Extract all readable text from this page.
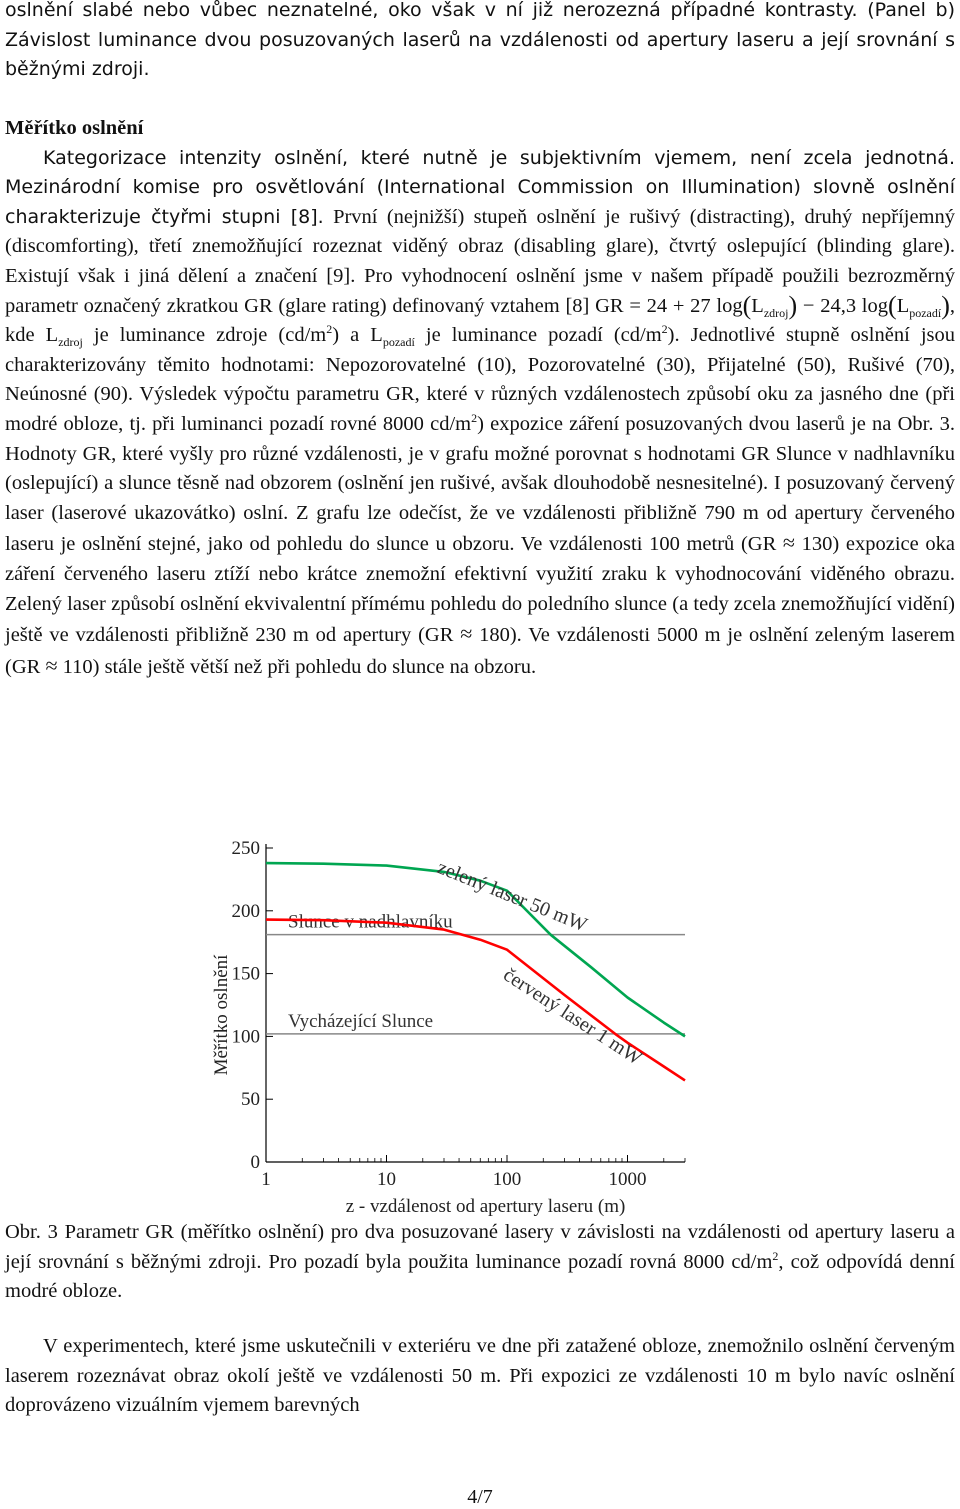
oslnění slabé nebo vůbec neznatelné, oko však v ní již nerozezná případné kontrasty. (Panel b) Závislost luminance dvou posuzovaných laserů na vzdálenosti od apertury laseru a její srovnání s běžnými zdroji.

Měřítko oslnění
Kategorizace intenzity oslnění, které nutně je subjektivním vjemem, není zcela jednotná. Mezinárodní komise pro osvětlování (International Commission on Illumination) slovně oslnění charakterizuje čtyřmi stupni [8]. První (nejnižší) stupeň oslnění je rušivý (distracting), druhý nepříjemný (discomforting), třetí znemožňující rozeznat viděný obraz (disabling glare), čtvrtý oslepující (blinding glare). Existují však i jiná dělení a značení [9]. Pro vyhodnocení oslnění jsme v našem případě použili bezrozměrný parametr označený zkratkou GR (glare rating) definovaný vztahem [8] GR = 24 + 27 $\log(L_{zdroj}) - 24,3$ $\log(L_{pozadí})$, kde $L_{zdroj}$ je luminance zdroje $(cd/m^2)$ a $L_{pozadí}$ je luminance pozadí $(cd/m^2)$. Jednotlivé stupně oslnění jsou charakterizovány těmito hodnotami: Nepozorovatelné (10), Pozorovatelné (30), Přijatelné (50), Rušivé (70), Neúnosné (90). Výsledek výpočtu parametru GR, které v různých vzdálenostech způsobí oku za jasného dne (při modré obloze, tj. při luminanci pozadí rovné 8000 $cd/m^2$) expozice záření posuzovaných dvou laserů je na Obr. 3. Hodnoty GR, které vyšly pro různé vzdálenosti, je v grafu možné porovnat s hodnotami GR Slunce v nadhlavníku (oslepující) a slunce těsně nad obzorem (oslnění jen rušivé, avšak dlouhodobě nesnesitelné). I posuzovaný červený laser (laserové ukazovátko) oslní. Z grafu lze odečíst, že ve vzdálenosti přibližně 790 m od apertury červeného laseru je oslnění stejné, jako od pohledu do slunce u obzoru. Ve vzdálenosti 100 metrů (GR ≈ 130) expozice oka záření červeného laseru ztíží nebo krátce znemožní efektivní využití zraku k vyhodnocování viděného obrazu. Zelený laser způsobí oslnění ekvivalentní přímému pohledu do poledního slunce (a tedy zcela znemožňující vidění) ještě ve vzdálenosti přibližně 230 m od apertury (GR ≈ 180). Ve vzdálenosti 5000 m je oslnění zeleným laserem (GR ≈ 110) stále ještě větší než při pohledu do slunce na obzoru.

0
50
100
150
200
250
1	10	100	1000
z - vzdálenost od apertury laseru (m)
Měřítko oslnění
Slunce v nadhlavníku
Vycházející Slunce
zelený laser 50 mW
červený laser 1 mW

Obr. 3 Parametr GR (měřítko oslnění) pro dva posuzované lasery v závislosti na vzdálenosti od apertury laseru a její srovnání s běžnými zdroji. Pro pozadí byla použita luminance pozadí rovná 8000 $cd/m^2$, což odpovídá denní modré obloze.

V experimentech, které jsme uskutečnili v exteriéru ve dne při zatažené obloze, znemožnilo oslnění červeným laserem rozeznávat obraz okolí ještě ve vzdálenosti 50 m. Při expozici ze vzdálenosti 10 m bylo navíc oslnění doprovázeno vizuálním vjemem barevných

4/7
